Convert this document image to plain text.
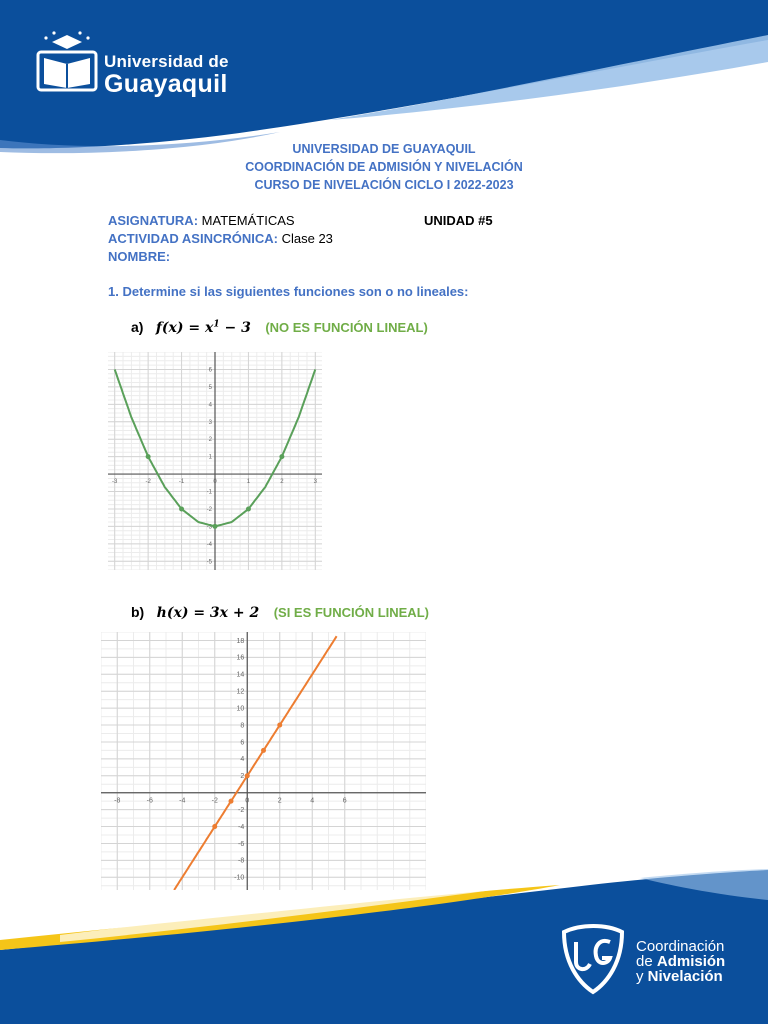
Universidad de
Guayaquil
UNIVERSIDAD DE GUAYAQUIL
COORDINACIÓN DE ADMISIÓN Y NIVELACIÓN
CURSO DE NIVELACIÓN CICLO I 2022-2023
ASIGNATURA: MATEMÁTICAS	UNIDAD #5
ACTIVIDAD ASINCRÓNICA: Clase 23
NOMBRE:
1. Determine si las siguientes funciones son o no lineales:
a) $f(x) = x^1 - 3$ (NO ES FUNCIÓN LINEAL)
-3	-2	-1	0	1	2	3
-5
-4
-3
-2
-1
1
2
3
4
5
6
b) h(x) = 3x + 2 (SI ES FUNCIÓN LINEAL)
-8	-6	-4	-2	0	2	4	6
-10
-8
-6
-4
-2
2
4
6
8
10
12
14
16
18
Coordinación
de Admisión
y Nivelación
